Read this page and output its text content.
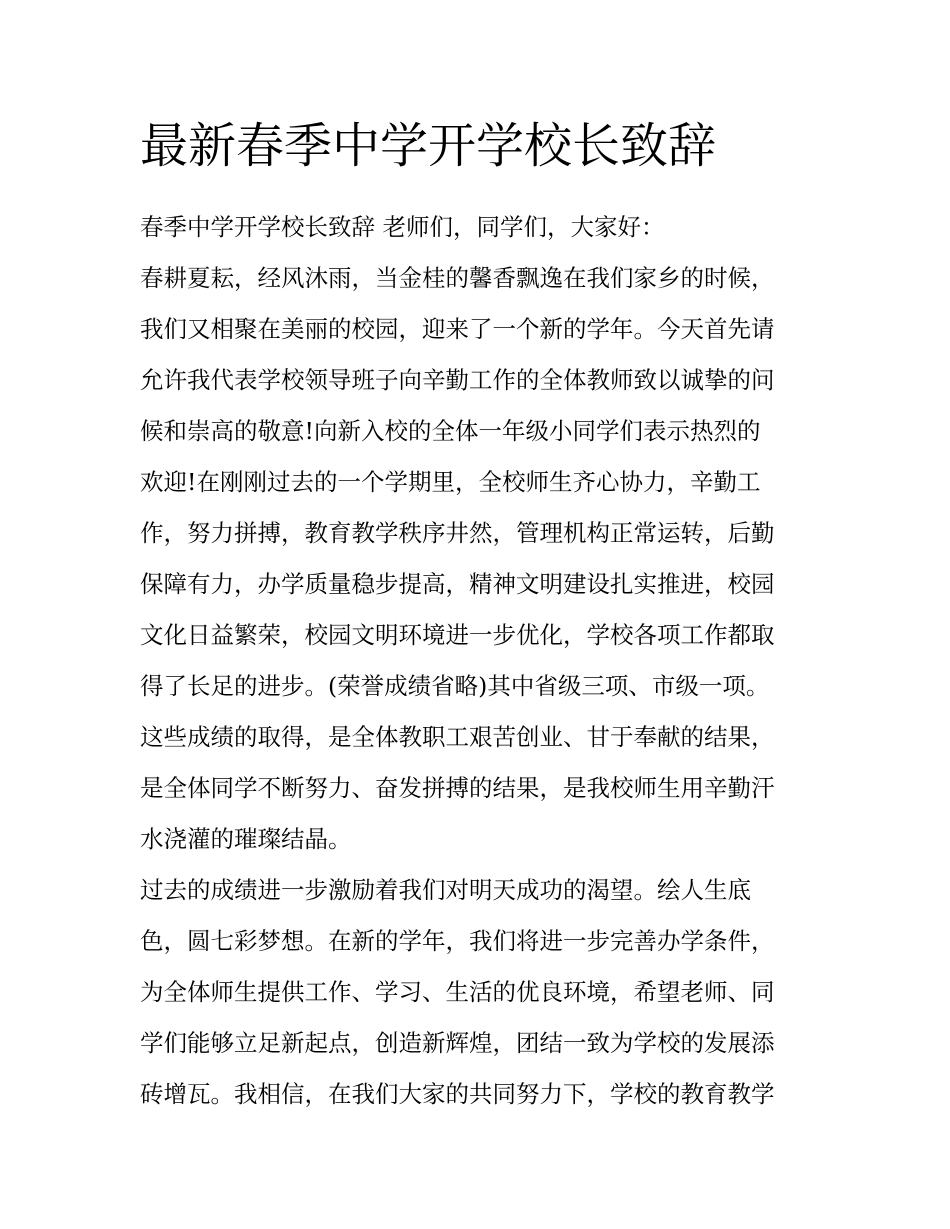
最新春季中学开学校长致辞
春季中学开学校长致辞 老师们，同学们，大家好：
春耕夏耘，经风沐雨，当金桂的馨香飘逸在我们家乡的时候，
我们又相聚在美丽的校园，迎来了一个新的学年。今天首先请
允许我代表学校领导班子向辛勤工作的全体教师致以诚挚的问
候和崇高的敬意!向新入校的全体一年级小同学们表示热烈的
欢迎!在刚刚过去的一个学期里，全校师生齐心协力，辛勤工
作，努力拼搏，教育教学秩序井然，管理机构正常运转，后勤
保障有力，办学质量稳步提高，精神文明建设扎实推进，校园
文化日益繁荣，校园文明环境进一步优化，学校各项工作都取
得了长足的进步。(荣誉成绩省略)其中省级三项、市级一项。
这些成绩的取得，是全体教职工艰苦创业、甘于奉献的结果，
是全体同学不断努力、奋发拼搏的结果，是我校师生用辛勤汗
水浇灌的璀璨结晶。
过去的成绩进一步激励着我们对明天成功的渴望。绘人生底
色，圆七彩梦想。在新的学年，我们将进一步完善办学条件，
为全体师生提供工作、学习、生活的优良环境，希望老师、同
学们能够立足新起点，创造新辉煌，团结一致为学校的发展添
砖增瓦。我相信，在我们大家的共同努力下，学校的教育教学
